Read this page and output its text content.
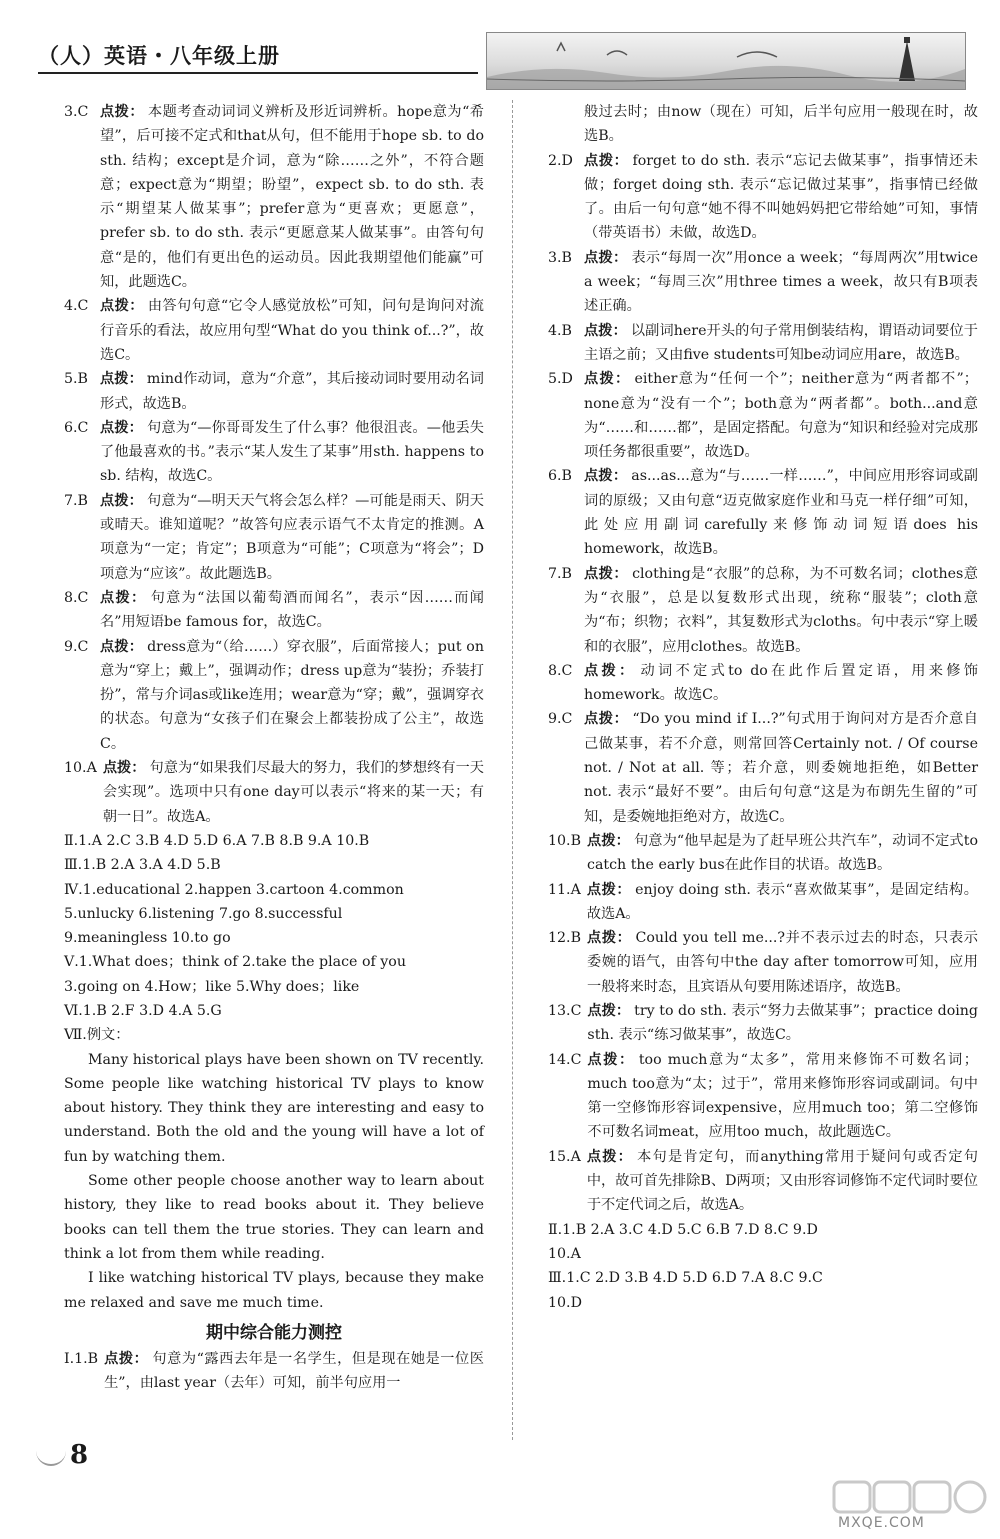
（人）英语・八年级上册
3.C 点拨： 本题考查动词词义辨析及形近词辨析。hope意为“希望”，后可接不定式和that从句，但不能用于hope sb. to do sth. 结构；except是介词，意为“除……之外”，不符合题意；expect意为“期望；盼望”，expect sb. to do sth. 表示“期望某人做某事”；prefer意为“更喜欢；更愿意”，prefer sb. to do sth. 表示“更愿意某人做某事”。由答句句意“是的，他们有更出色的运动员。因此我期望他们能赢”可知，此题选C。
4.C 点拨： 由答句句意“它令人感觉放松”可知，问句是询问对流行音乐的看法，故应用句型“What do you think of...?”，故选C。
5.B 点拨： mind作动词，意为“介意”，其后接动词时要用动名词形式，故选B。
6.C 点拨： 句意为“—你哥哥发生了什么事？他很沮丧。—他丢失了他最喜欢的书。”表示“某人发生了某事”用sth. happens to sb. 结构，故选C。
7.B 点拨： 句意为“—明天天气将会怎么样？—可能是雨天、阴天或晴天。谁知道呢？”故答句应表示语气不太肯定的推测。A项意为“一定；肯定”；B项意为“可能”；C项意为“将会”；D项意为“应该”。故此题选B。
8.C 点拨： 句意为“法国以葡萄酒而闻名”，表示“因……而闻名”用短语be famous for，故选C。
9.C 点拨： dress意为“（给……）穿衣服”，后面常接人；put on意为“穿上；戴上”，强调动作；dress up意为“装扮；乔装打扮”，常与介词as或like连用；wear意为“穿；戴”，强调穿衣的状态。句意为“女孩子们在聚会上都装扮成了公主”，故选C。
10.A 点拨： 句意为“如果我们尽最大的努力，我们的梦想终有一天会实现”。选项中只有one day可以表示“将来的某一天；有朝一日”。故选A。
Ⅱ.1.A 2.C 3.B 4.D 5.D 6.A 7.B 8.B 9.A 10.B
Ⅲ.1.B 2.A 3.A 4.D 5.B
Ⅳ.1.educational 2.happen 3.cartoon 4.common
5.unlucky 6.listening 7.go 8.successful
9.meaningless 10.to go
Ⅴ.1.What does；think of 2.take the place of you
3.going on 4.How；like 5.Why does；like
Ⅵ.1.B 2.F 3.D 4.A 5.G
Ⅶ.例文：

Many historical plays have been shown on TV recently. Some people like watching historical TV plays to know about history. They think they are interesting and easy to understand. Both the old and the young will have a lot of fun by watching them.

Some other people choose another way to learn about history, they like to read books about it. They believe books can tell them the true stories. They can learn and think a lot from them while reading.

I like watching historical TV plays, because they make me relaxed and save me much time.

期中综合能力测控
Ⅰ.1.B 点拨： 句意为“露西去年是一名学生，但是现在她是一位医生”，由last year（去年）可知，前半句应用一
般过去时；由now（现在）可知，后半句应用一般现在时，故选B。
2.D 点拨： forget to do sth. 表示“忘记去做某事”，指事情还未做；forget doing sth. 表示“忘记做过某事”，指事情已经做了。由后一句句意“她不得不叫她妈妈把它带给她”可知，事情（带英语书）未做，故选D。
3.B 点拨： 表示“每周一次”用once a week；“每周两次”用twice a week；“每周三次”用three times a week，故只有B项表述正确。
4.B 点拨： 以副词here开头的句子常用倒装结构，谓语动词要位于主语之前；又由five students可知be动词应用are，故选B。
5.D 点拨： either意为“任何一个”；neither意为“两者都不”；none意为“没有一个”；both意为“两者都”。both...and意为“……和……都”，是固定搭配。句意为“知识和经验对完成那项任务都很重要”，故选D。
6.B 点拨： as...as...意为“与……一样……”，中间应用形容词或副词的原级；又由句意“迈克做家庭作业和马克一样仔细”可知，此处应用副词carefully来修饰动词短语does his homework，故选B。
7.B 点拨： clothing是“衣服”的总称，为不可数名词；clothes意为“衣服”，总是以复数形式出现，统称“服装”；cloth意为“布；织物；衣料”，其复数形式为cloths。句中表示“穿上暖和的衣服”，应用clothes。故选B。
8.C 点拨： 动词不定式to do在此作后置定语，用来修饰homework。故选C。
9.C 点拨： “Do you mind if I...?”句式用于询问对方是否介意自己做某事，若不介意，则常回答Certainly not. / Of course not. / Not at all. 等；若介意，则委婉地拒绝，如Better not. 表示“最好不要”。由后句句意“这是为布朗先生留的”可知，是委婉地拒绝对方，故选C。
10.B 点拨： 句意为“他早起是为了赶早班公共汽车”，动词不定式to catch the early bus在此作目的状语。故选B。
11.A 点拨： enjoy doing sth. 表示“喜欢做某事”，是固定结构。故选A。
12.B 点拨： Could you tell me...?并不表示过去的时态，只表示委婉的语气，由答句中the day after tomorrow可知，应用一般将来时态，且宾语从句要用陈述语序，故选B。
13.C 点拨： try to do sth. 表示“努力去做某事”；practice doing sth. 表示“练习做某事”，故选C。
14.C 点拨： too much意为“太多”，常用来修饰不可数名词；much too意为“太；过于”，常用来修饰形容词或副词。句中第一空修饰形容词expensive，应用much too；第二空修饰不可数名词meat，应用too much，故此题选C。
15.A 点拨： 本句是肯定句，而anything常用于疑问句或否定句中，故可首先排除B、D两项；又由形容词修饰不定代词时要位于不定代词之后，故选A。
Ⅱ.1.B 2.A 3.C 4.D 5.C 6.B 7.D 8.C 9.D
10.A
Ⅲ.1.C 2.D 3.B 4.D 5.D 6.D 7.A 8.C 9.C
10.D
8
MXQE.COM
